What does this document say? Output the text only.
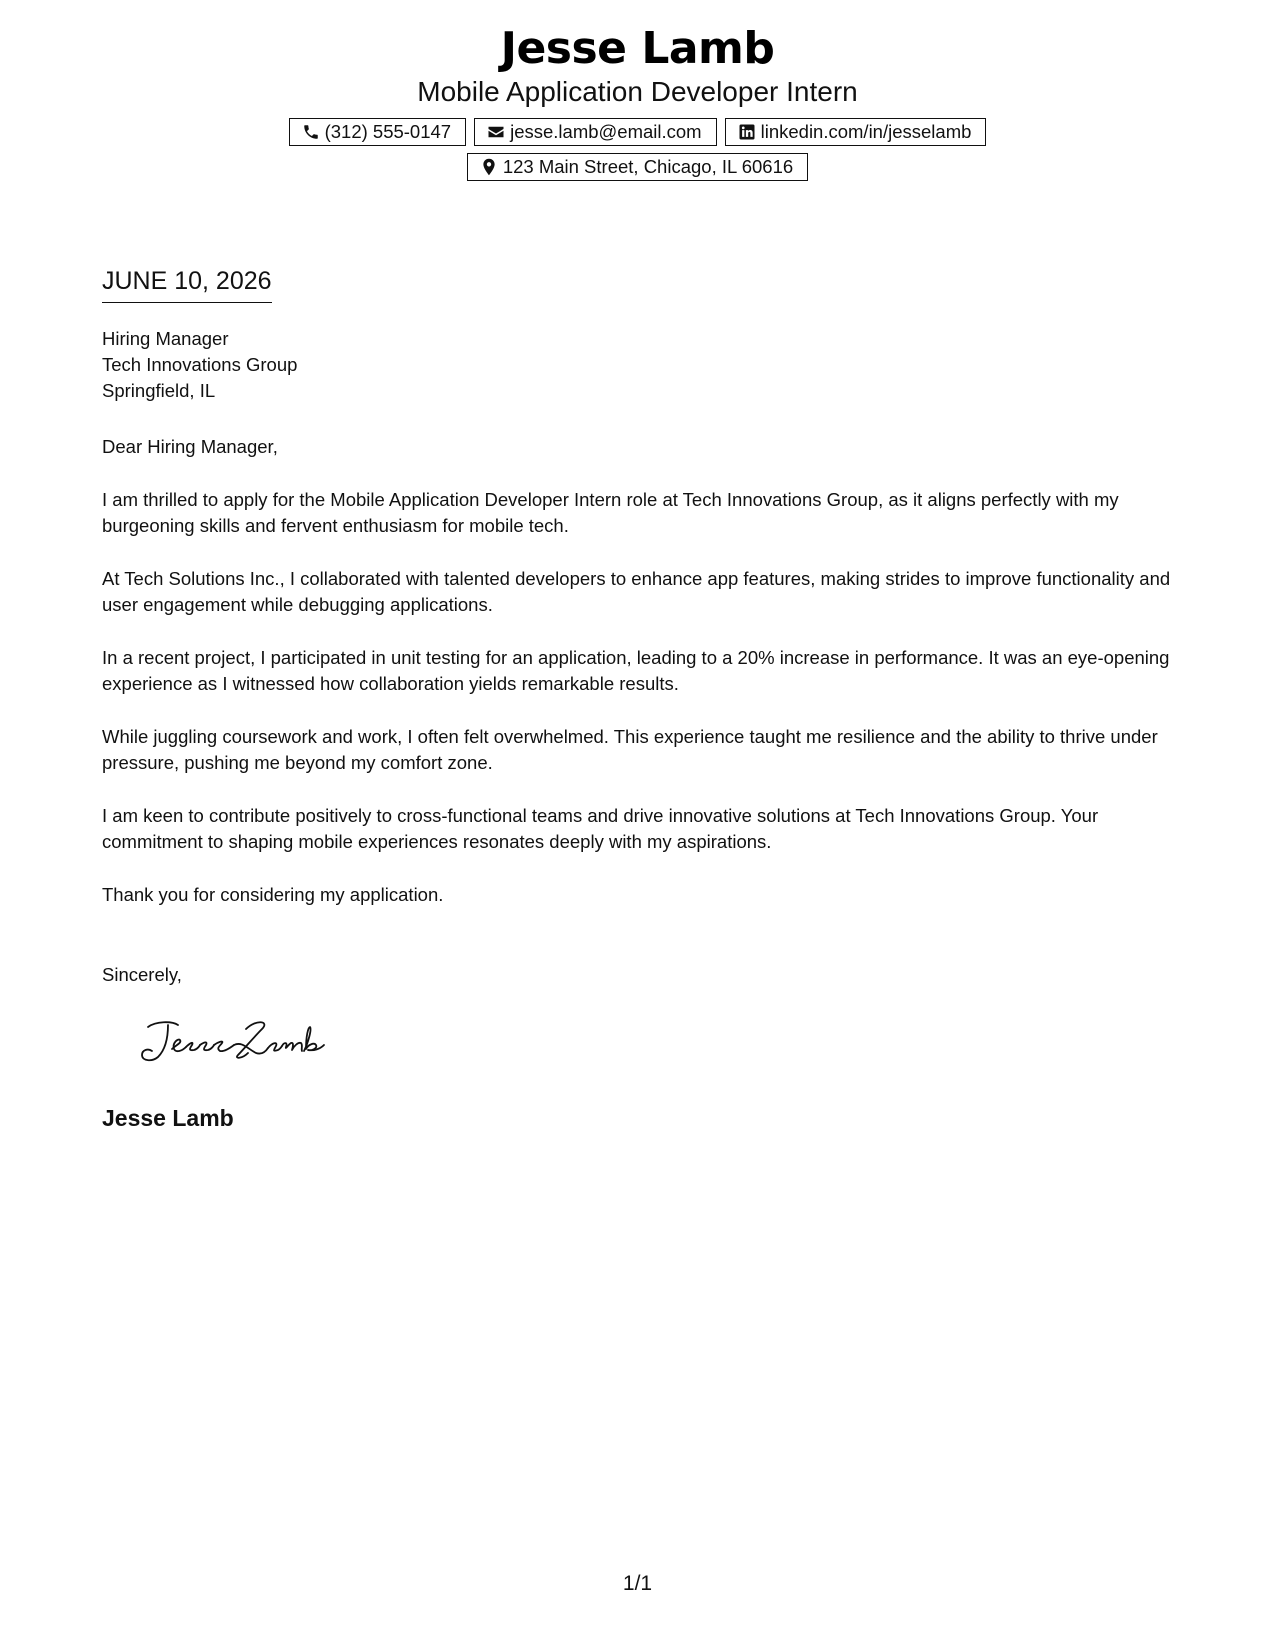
Jesse Lamb
Mobile Application Developer Intern
(312) 555-0147	jesse.lamb@email.com	linkedin.com/in/jesselamb
123 Main Street, Chicago, IL 60616
JUNE 10, 2026
Hiring Manager
Tech Innovations Group
Springfield, IL

Dear Hiring Manager,

I am thrilled to apply for the Mobile Application Developer Intern role at Tech Innovations Group, as it aligns perfectly with my burgeoning skills and fervent enthusiasm for mobile tech.

At Tech Solutions Inc., I collaborated with talented developers to enhance app features, making strides to improve functionality and user engagement while debugging applications.

In a recent project, I participated in unit testing for an application, leading to a 20% increase in performance. It was an eye-opening experience as I witnessed how collaboration yields remarkable results.

While juggling coursework and work, I often felt overwhelmed. This experience taught me resilience and the ability to thrive under pressure, pushing me beyond my comfort zone.

I am keen to contribute positively to cross-functional teams and drive innovative solutions at Tech Innovations Group. Your commitment to shaping mobile experiences resonates deeply with my aspirations.

Thank you for considering my application.

Sincerely,
Jesse Lamb
1/1
